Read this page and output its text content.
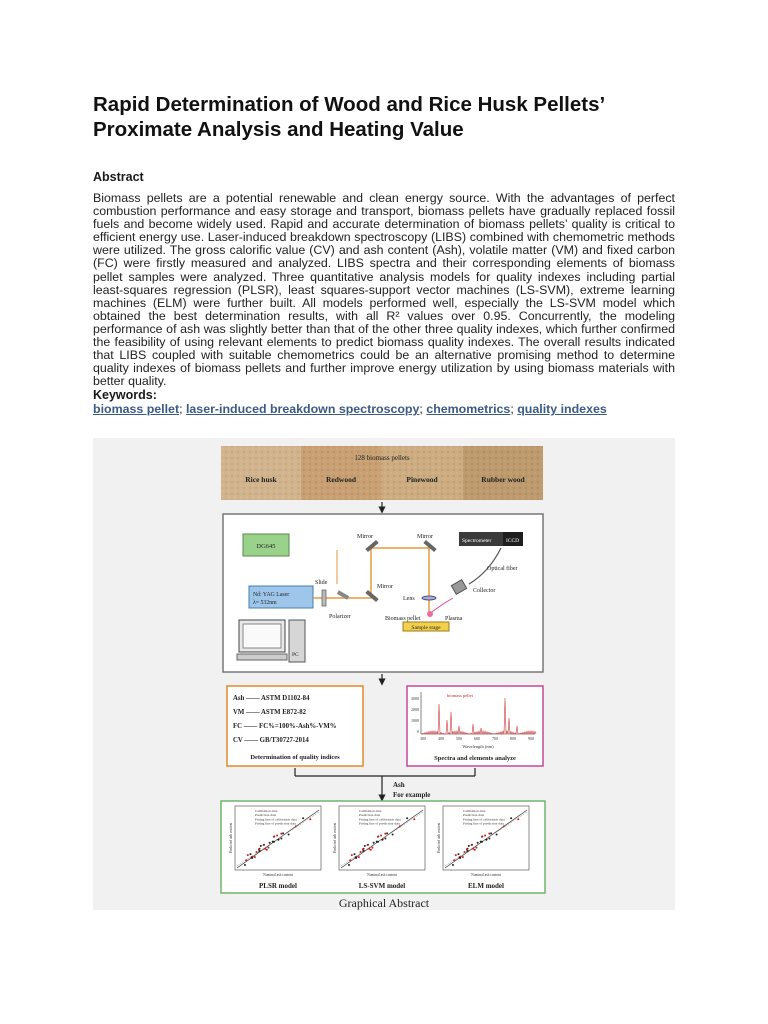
Rapid Determination of Wood and Rice Husk Pellets’ Proximate Analysis and Heating Value
Abstract
Biomass pellets are a potential renewable and clean energy source. With the advantages of perfect combustion performance and easy storage and transport, biomass pellets have gradually replaced fossil fuels and become widely used. Rapid and accurate determination of biomass pellets’ quality is critical to efficient energy use. Laser-induced breakdown spectroscopy (LIBS) combined with chemometric methods were utilized. The gross calorific value (CV) and ash content (Ash), volatile matter (VM) and fixed carbon (FC) were firstly measured and analyzed. LIBS spectra and their corresponding elements of biomass pellet samples were analyzed. Three quantitative analysis models for quality indexes including partial least-squares regression (PLSR), least squares-support vector machines (LS-SVM), extreme learning machines (ELM) were further built. All models performed well, especially the LS-SVM model which obtained the best determination results, with all R² values over 0.95. Concurrently, the modeling performance of ash was slightly better than that of the other three quality indexes, which further confirmed the feasibility of using relevant elements to predict biomass quality indexes. The overall results indicated that LIBS coupled with suitable chemometrics could be an alternative promising method to determine quality indexes of biomass pellets and further improve energy utilization by using biomass materials with better quality.
Keywords:
biomass pellet; laser-induced breakdown spectroscopy; chemometrics; quality indexes
128 biomass pellets
Rice husk	Redwood	Pinewood	Rubber wood
DG645
Nd: YAG Laser
λ= 532nm
Mirror	Mirror
Mirror
Slide
Polarizer
Lens
Biomass pellet
Sample stage
Plasma
Spectrometer	ICCD
Optical fiber
Collector
PC
Ash —— ASTM D1102-84
VM —— ASTM E872-82
FC —— FC%=100%-Ash%-VM%
CV —— GB/T30727-2014
Determination of quality indices
biomass pellet
3000
2000
1000
0
300	400	500	600	700	800	900
Wavelength (nm)
Spectra and elements analyze
Ash
For example
Calibration data
Prediction data
Fitting line of calibration data
Fitting line of prediction data
Nominal ash content
Predicted ash content
PLSR model
Calibration data
Prediction data
Fitting line of calibration data
Fitting line of prediction data
Nominal ash content
Predicted ash content
LS-SVM model
Calibration data
Prediction data
Fitting line of calibration data
Fitting line of prediction data
Nominal ash content
Predicted ash content
ELM model
Graphical Abstract
